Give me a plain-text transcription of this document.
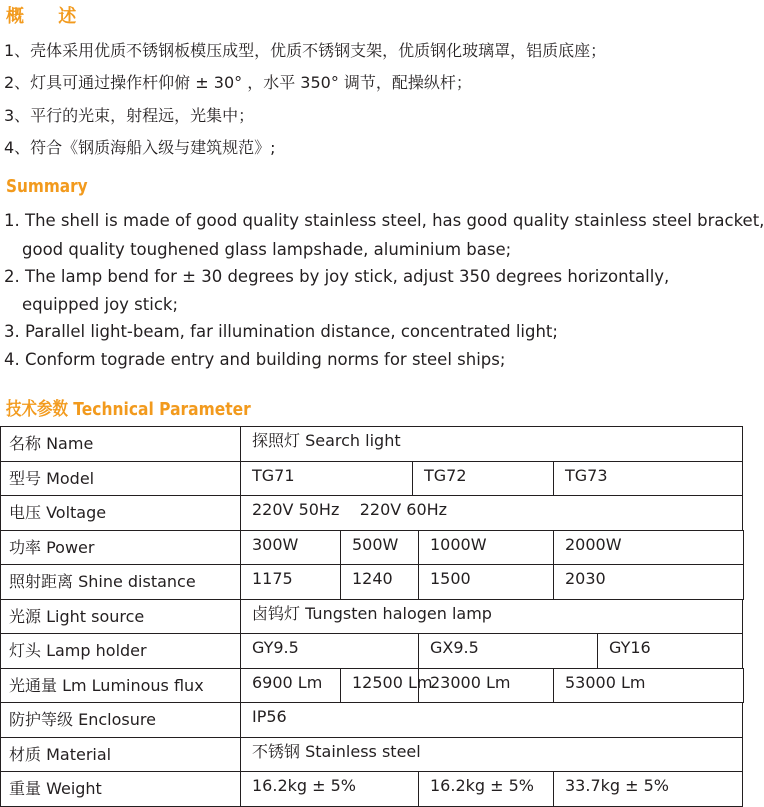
概 述

1、壳体采用优质不锈钢板模压成型，优质不锈钢支架，优质钢化玻璃罩，铝质底座；

2、灯具可通过操作杆仰俯 ± 30° ，水平 350° 调节，配操纵杆；

3、平行的光束，射程远，光集中；

4、符合《钢质海船入级与建筑规范》;

Summary

1. The shell is made of good quality stainless steel, has good quality stainless steel bracket,

good quality toughened glass lampshade, aluminium base;

2. The lamp bend for ± 30 degrees by joy stick, adjust 350 degrees horizontally,

equipped joy stick;

3. Parallel light-beam, far illumination distance, concentrated light;

4. Conform tograde entry and building norms for steel ships;

技术参数 Technical Parameter
名称 Name	探照灯 Search light					
型号 Model	TG71		TG72		TG73	
电压 Voltage	220V 50Hz    220V 60Hz					
功率 Power	300W	500W		1000W	2000W	
照射距离 Shine distance	1175	1240		1500	2030	
光源 Light source	卤钨灯 Tungsten halogen lamp					
灯头 Lamp holder	GY9.5			GX9.5		GY16
光通量 Lm Luminous flux	6900 Lm	12500 Lm		23000 Lm	53000 Lm	
防护等级 Enclosure	IP56					
材质 Material	不锈钢 Stainless steel					
重量 Weight	16.2kg ± 5%			16.2kg ± 5%	33.7kg ± 5%	
